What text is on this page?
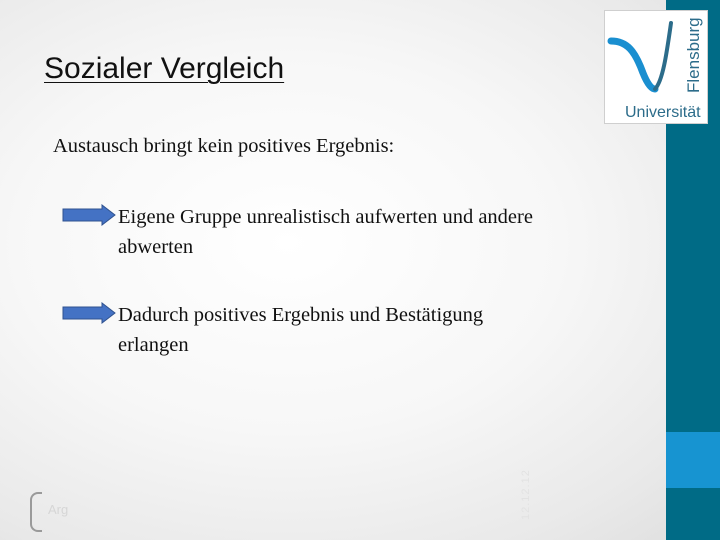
Flensburg
Universität
Sozialer Vergleich
Austausch bringt kein positives Ergebnis:
Eigene Gruppe unrealistisch aufwerten und andere
abwerten
Dadurch positives Ergebnis und Bestätigung
erlangen
Arg	12.12.12
